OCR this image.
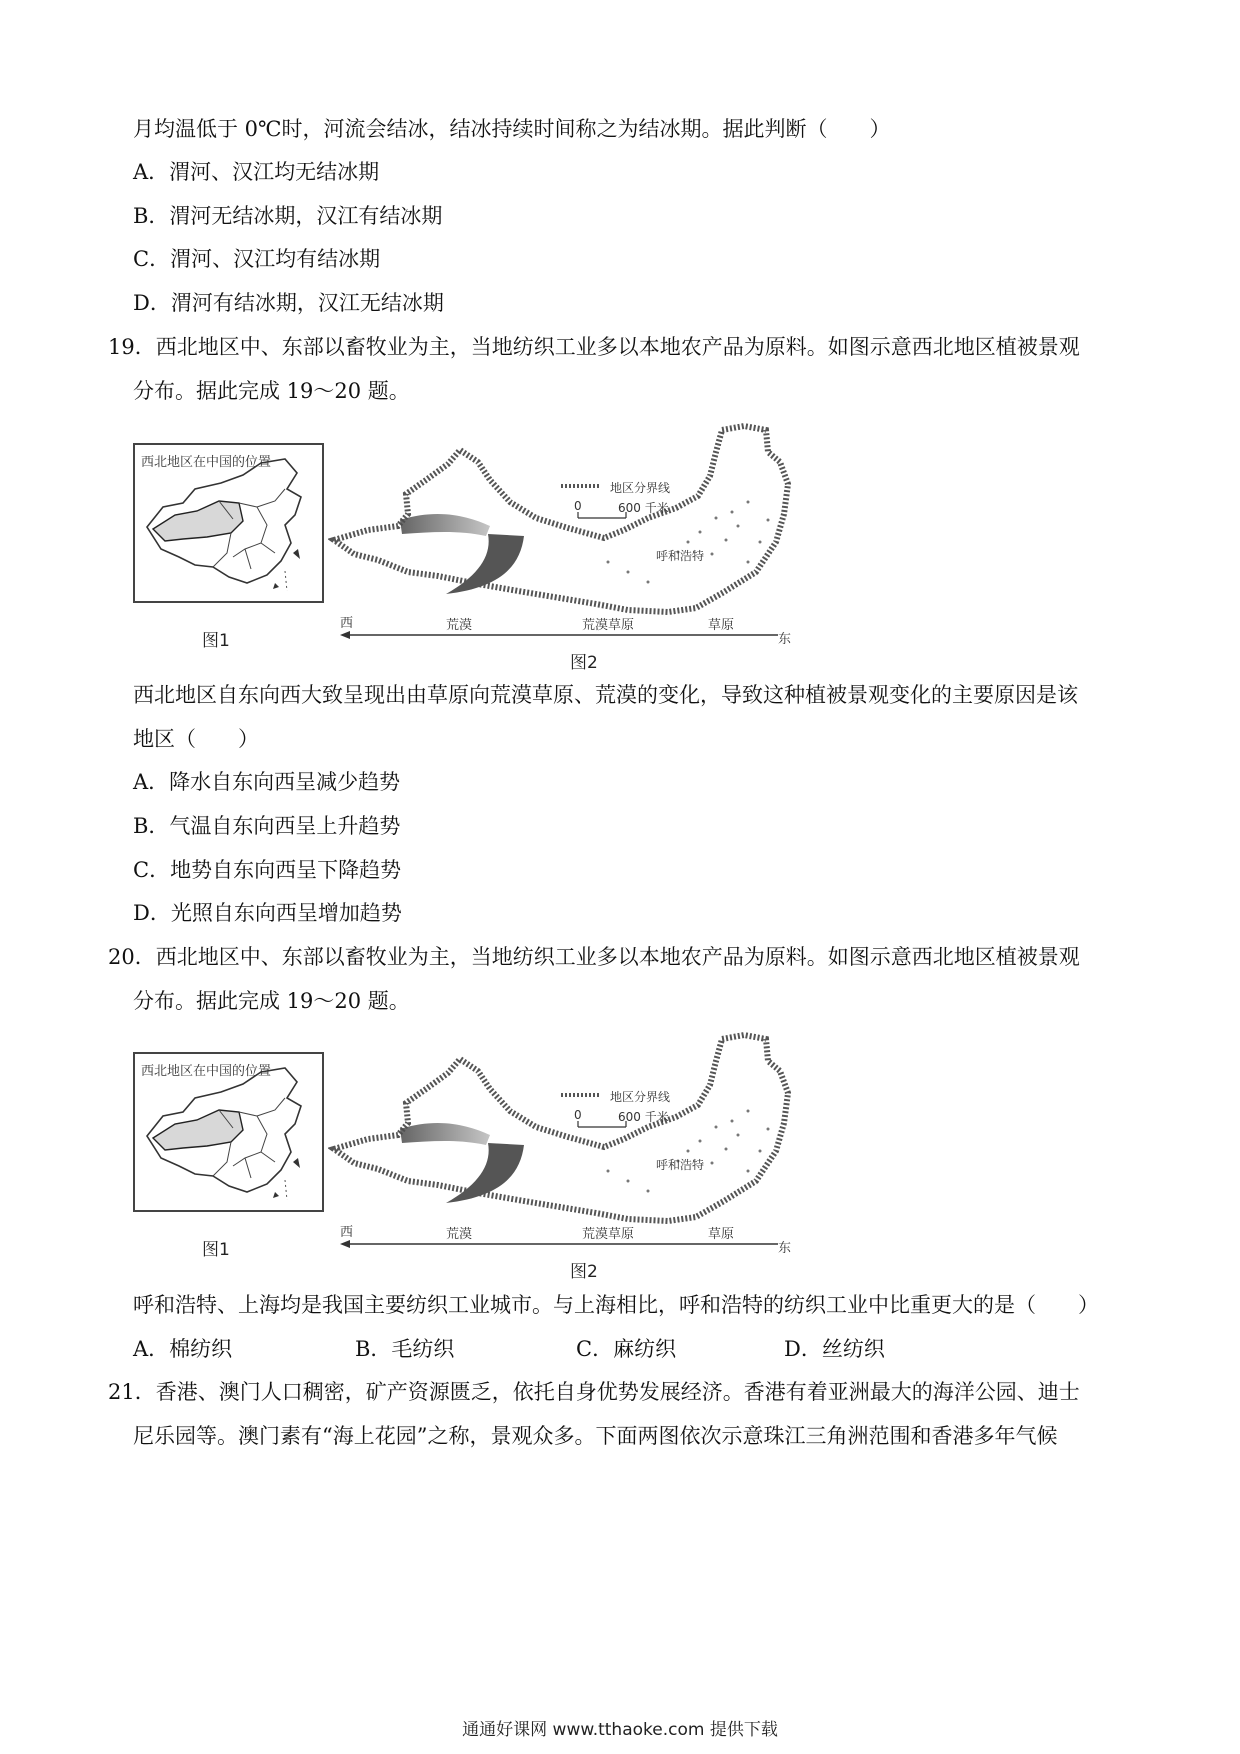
月均温低于 0℃时，河流会结冰，结冰持续时间称之为结冰期。据此判断（　　）
A．渭河、汉江均无结冰期
B．渭河无结冰期，汉江有结冰期
C．渭河、汉江均有结冰期
D．渭河有结冰期，汉江无结冰期
19．西北地区中、东部以畜牧业为主，当地纺织工业多以本地农产品为原料。如图示意西北地区植被景观
分布。据此完成 19～20 题。
西北地区在中国的位置
图1
地区分界线
0	600 千米
呼和浩特
西	荒漠	荒漠草原	草原
东
图2
西北地区自东向西大致呈现出由草原向荒漠草原、荒漠的变化，导致这种植被景观变化的主要原因是该
地区（　　）
A．降水自东向西呈减少趋势
B．气温自东向西呈上升趋势
C．地势自东向西呈下降趋势
D．光照自东向西呈增加趋势
20．西北地区中、东部以畜牧业为主，当地纺织工业多以本地农产品为原料。如图示意西北地区植被景观
分布。据此完成 19～20 题。
西北地区在中国的位置
图1
地区分界线
0	600 千米
呼和浩特
西	荒漠	荒漠草原	草原
东
图2
呼和浩特、上海均是我国主要纺织工业城市。与上海相比，呼和浩特的纺织工业中比重更大的是（　　）
A．棉纺织	B．毛纺织	C．麻纺织	D．丝纺织
21．香港、澳门人口稠密，矿产资源匮乏，依托自身优势发展经济。香港有着亚洲最大的海洋公园、迪士
尼乐园等。澳门素有“海上花园”之称，景观众多。下面两图依次示意珠江三角洲范围和香港多年气候
通通好课网 www.tthaoke.com 提供下载
